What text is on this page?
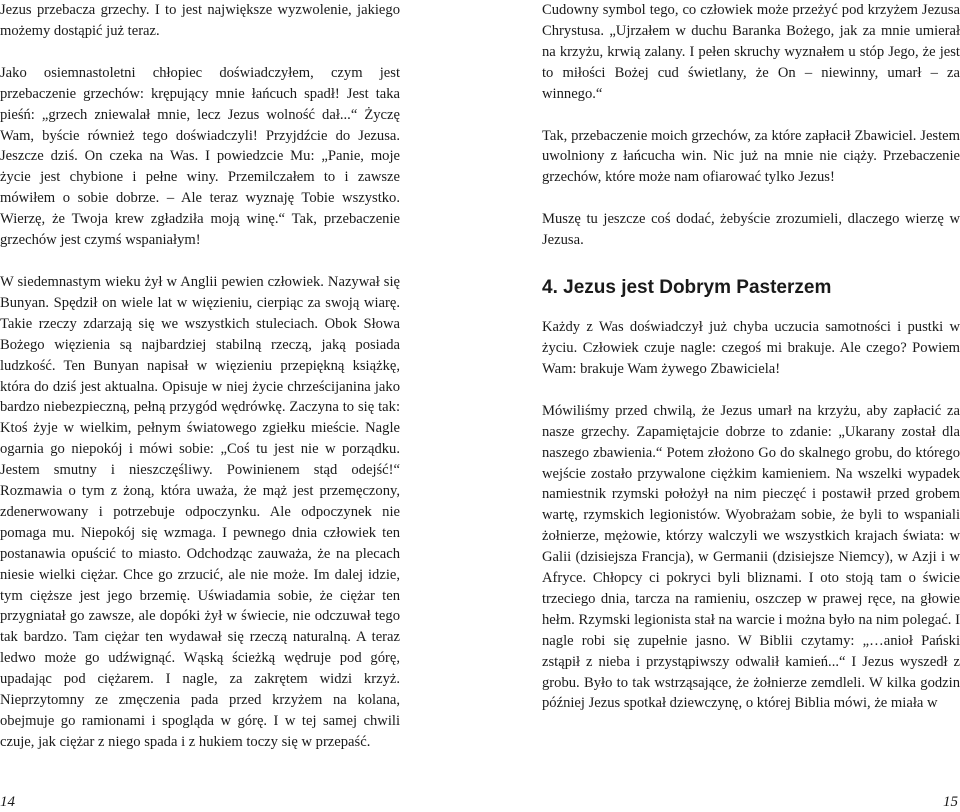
Jezus przebacza grzechy. I to jest największe wyzwolenie, jakiego możemy dostąpić już teraz.

Jako osiemnastoletni chłopiec doświadczyłem, czym jest przebaczenie grzechów: krępujący mnie łańcuch spadł! Jest taka pieśń: „grzech zniewalał mnie, lecz Jezus wolność dał...“ Życzę Wam, byście również tego doświadczyli! Przyjdźcie do Jezusa. Jeszcze dziś. On czeka na Was. I powiedzcie Mu: „Panie, moje życie jest chybione i pełne winy. Przemilczałem to i zawsze mówiłem o sobie dobrze. – Ale teraz wyznaję Tobie wszystko. Wierzę, że Twoja krew zgładziła moją winę.“ Tak, przebaczenie grzechów jest czymś wspaniałym!

W siedemnastym wieku żył w Anglii pewien człowiek. Nazywał się Bunyan. Spędził on wiele lat w więzieniu, cierpiąc za swoją wiarę. Takie rzeczy zdarzają się we wszystkich stuleciach. Obok Słowa Bożego więzienia są najbardziej stabilną rzeczą, jaką posiada ludzkość. Ten Bunyan napisał w więzieniu przepiękną książkę, która do dziś jest aktualna. Opisuje w niej życie chrześcijanina jako bardzo niebezpieczną, pełną przygód wędrówkę. Zaczyna to się tak: Ktoś żyje w wielkim, pełnym światowego zgiełku mieście. Nagle ogarnia go niepokój i mówi sobie: „Coś tu jest nie w porządku. Jestem smutny i nieszczęśliwy. Powinienem stąd odejść!“ Rozmawia o tym z żoną, która uważa, że mąż jest przemęczony, zdenerwowany i potrzebuje odpoczynku. Ale odpoczynek nie pomaga mu. Niepokój się wzmaga. I pewnego dnia człowiek ten postanawia opuścić to miasto. Odchodząc zauważa, że na plecach niesie wielki ciężar. Chce go zrzucić, ale nie może. Im dalej idzie, tym cięższe jest jego brzemię. Uświadamia sobie, że ciężar ten przygniatał go zawsze, ale dopóki żył w świecie, nie odczuwał tego tak bardzo. Tam ciężar ten wydawał się rzeczą naturalną. A teraz ledwo może go udźwignąć. Wąską ścieżką wędruje pod górę, upadając pod ciężarem. I nagle, za zakrętem widzi krzyż. Nieprzytomny ze zmęczenia pada przed krzyżem na kolana, obejmuje go ramionami i spogląda w górę. I w tej samej chwili czuje, jak ciężar z niego spada i z hukiem toczy się w przepaść.

Cudowny symbol tego, co człowiek może przeżyć pod krzyżem Jezusa Chrystusa. „Ujrzałem w duchu Baranka Bożego, jak za mnie umierał na krzyżu, krwią zalany. I pełen skruchy wyznałem u stóp Jego, że jest to miłości Bożej cud świetlany, że On – niewinny, umarł – za winnego.“

Tak, przebaczenie moich grzechów, za które zapłacił Zbawiciel. Jestem uwolniony z łańcucha win. Nic już na mnie nie ciąży. Przebaczenie grzechów, które może nam ofiarować tylko Jezus!

Muszę tu jeszcze coś dodać, żebyście zrozumieli, dlaczego wierzę w Jezusa.

4. Jezus jest Dobrym Pasterzem

Każdy z Was doświadczył już chyba uczucia samotności i pustki w życiu. Człowiek czuje nagle: czegoś mi brakuje. Ale czego? Powiem Wam: brakuje Wam żywego Zbawiciela!

Mówiliśmy przed chwilą, że Jezus umarł na krzyżu, aby zapłacić za nasze grzechy. Zapamiętajcie dobrze to zdanie: „Ukarany został dla naszego zbawienia.“ Potem złożono Go do skalnego grobu, do którego wejście zostało przywalone ciężkim kamieniem. Na wszelki wypadek namiestnik rzymski położył na nim pieczęć i postawił przed grobem wartę, rzymskich legionistów. Wyobrażam sobie, że byli to wspaniali żołnierze, mężowie, którzy walczyli we wszystkich krajach świata: w Galii (dzisiejsza Francja), w Germanii (dzisiejsze Niemcy), w Azji i w Afryce. Chłopcy ci pokryci byli bliznami. I oto stoją tam o świcie trzeciego dnia, tarcza na ramieniu, oszczep w prawej ręce, na głowie hełm. Rzymski legionista stał na warcie i można było na nim polegać. I nagle robi się zupełnie jasno. W Biblii czytamy: „…anioł Pański zstąpił z nieba i przystąpiwszy odwalił kamień...“ I Jezus wyszedł z grobu. Było to tak wstrząsające, że żołnierze zemdleli. W kilka godzin później Jezus spotkał dziewczynę, o której Biblia mówi, że miała w

14	15
